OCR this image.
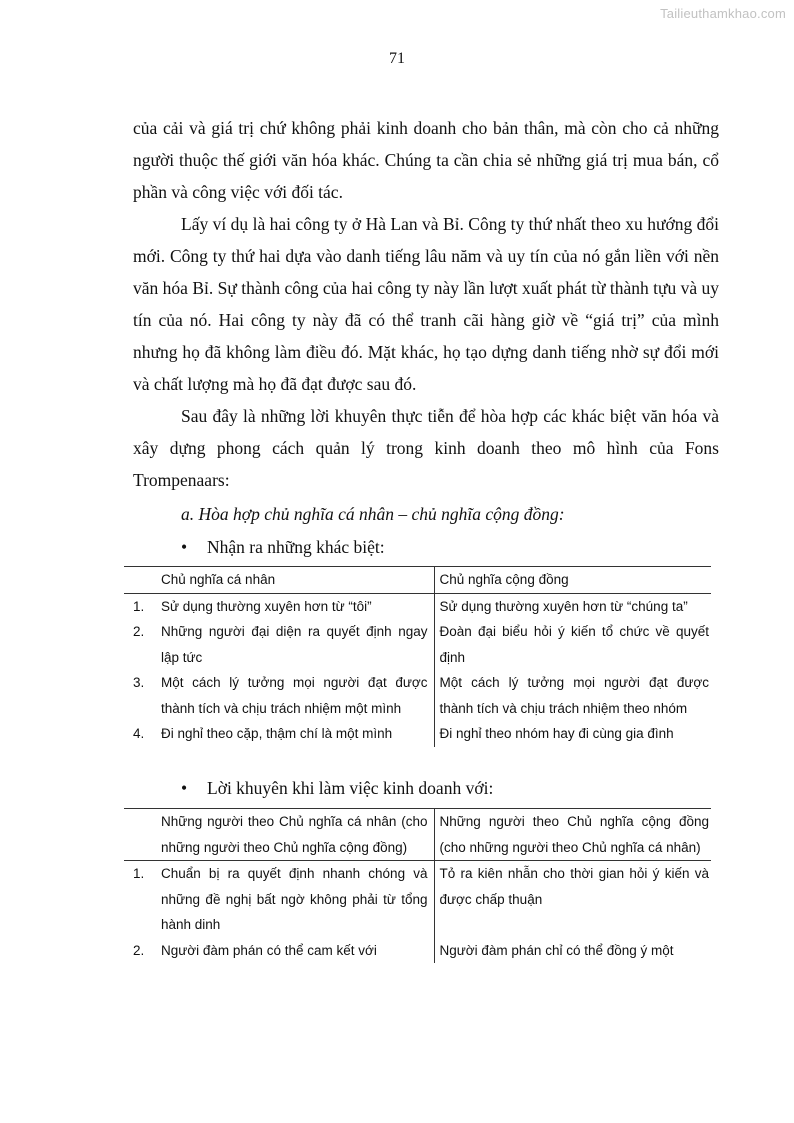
Tailieuthamkhao.com
71

của cải và giá trị chứ không phải kinh doanh cho bản thân, mà còn cho cả những người thuộc thế giới văn hóa khác. Chúng ta cần chia sẻ những giá trị mua bán, cổ phần và công việc với đối tác.

Lấy ví dụ là hai công ty ở Hà Lan và Bỉ. Công ty thứ nhất theo xu hướng đổi mới. Công ty thứ hai dựa vào danh tiếng lâu năm và uy tín của nó gắn liền với nền văn hóa Bỉ. Sự thành công của hai công ty này lần lượt xuất phát từ thành tựu và uy tín của nó. Hai công ty này đã có thể tranh cãi hàng giờ về “giá trị” của mình nhưng họ đã không làm điều đó. Mặt khác, họ tạo dựng danh tiếng nhờ sự đổi mới và chất lượng mà họ đã đạt được sau đó.

Sau đây là những lời khuyên thực tiễn để hòa hợp các khác biệt văn hóa và xây dựng phong cách quản lý trong kinh doanh theo mô hình của Fons Trompenaars:

a. Hòa hợp chủ nghĩa cá nhân – chủ nghĩa cộng đồng:
• Nhận ra những khác biệt:
	Chủ nghĩa cá nhân	Chủ nghĩa cộng đồng
1.	Sử dụng thường xuyên hơn từ “tôi”	Sử dụng thường xuyên hơn từ “chúng ta”
2.	Những người đại diện ra quyết định ngay lập tức	Đoàn đại biểu hỏi ý kiến tổ chức về quyết định
3.	Một cách lý tưởng mọi người đạt được thành tích và chịu trách nhiệm một mình	Một cách lý tưởng mọi người đạt được thành tích và chịu trách nhiệm theo nhóm
4.	Đi nghỉ theo cặp, thậm chí là một mình	Đi nghỉ theo nhóm hay đi cùng gia đình
• Lời khuyên khi làm việc kinh doanh với:
	Những người theo Chủ nghĩa cá nhân (cho những người theo Chủ nghĩa cộng đồng)	Những người theo Chủ nghĩa cộng đồng (cho những người theo Chủ nghĩa cá nhân)
1.	Chuẩn bị ra quyết định nhanh chóng và những đề nghị bất ngờ không phải từ tổng hành dinh	Tỏ ra kiên nhẫn cho thời gian hỏi ý kiến và được chấp thuận
2.	Người đàm phán có thể cam kết với	Người đàm phán chỉ có thể đồng ý một
